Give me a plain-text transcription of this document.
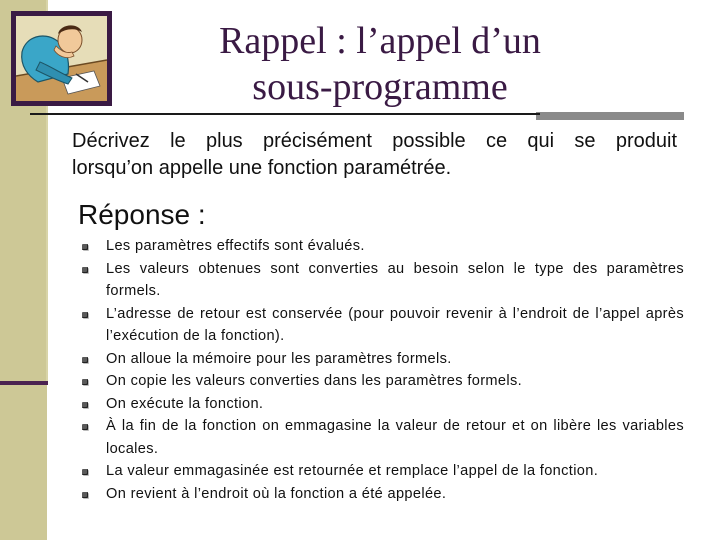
Rappel : l’appel d’un
sous-programme
Décrivez le plus précisément possible ce qui se produit
lorsqu’on appelle une fonction paramétrée.
Réponse :
Les paramètres effectifs sont évalués.
Les valeurs obtenues sont converties au besoin selon le type des paramètres formels.
L’adresse de retour est conservée (pour pouvoir revenir à l’endroit de l’appel après l’exécution de la fonction).
On alloue la mémoire pour les paramètres formels.
On copie les valeurs converties dans les paramètres formels.
On exécute la fonction.
À la fin de la fonction on emmagasine la valeur de retour et on libère les variables locales.
La valeur emmagasinée est retournée et remplace l’appel de la fonction.
On revient à l’endroit où la fonction a été appelée.
